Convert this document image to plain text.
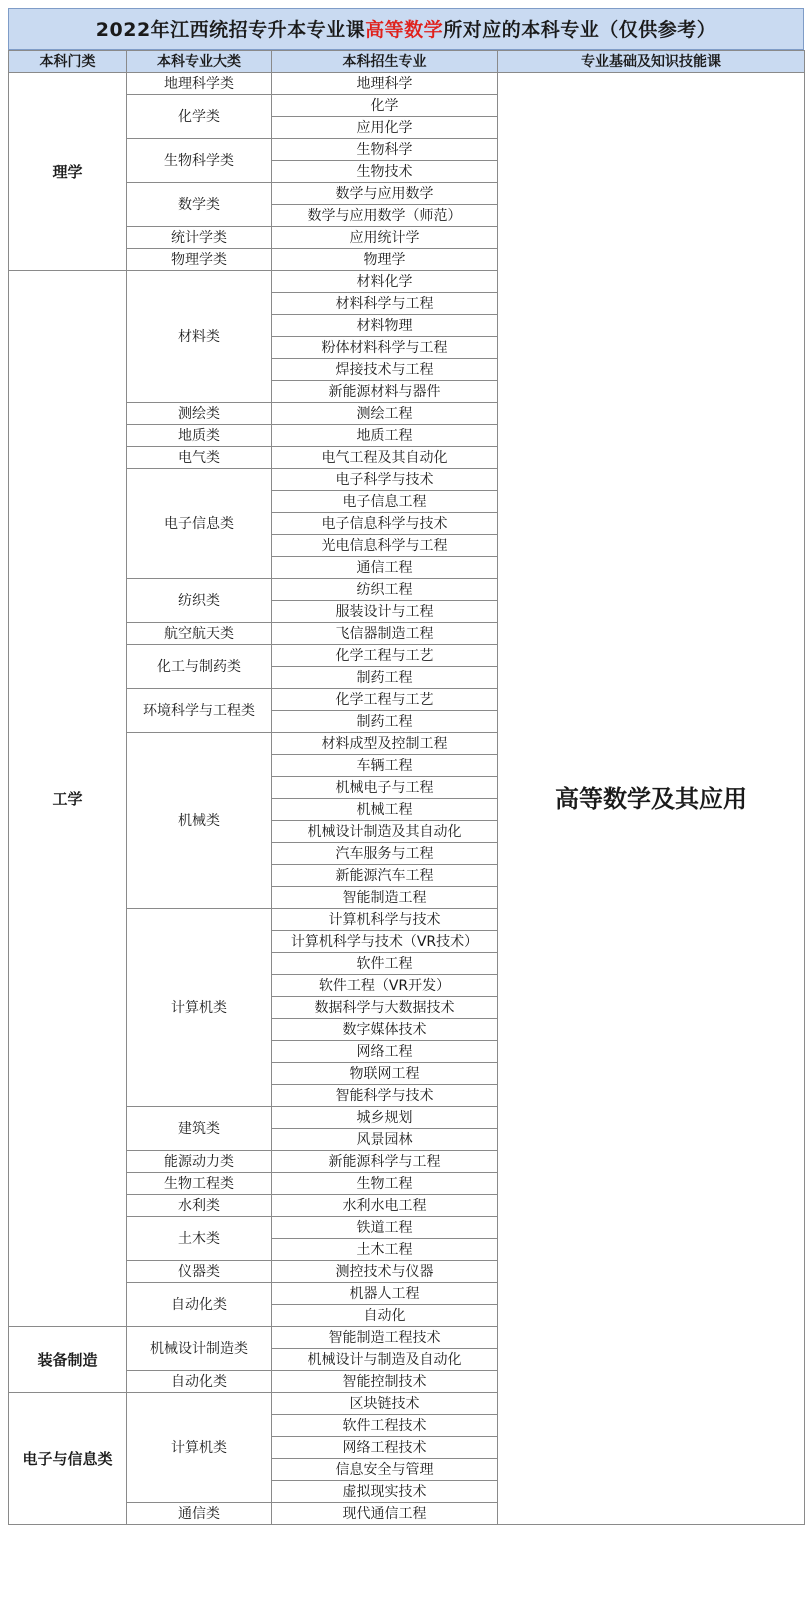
2022年江西统招专升本专业课高等数学所对应的本科专业（仅供参考）
本科门类	本科专业大类	本科招生专业	专业基础及知识技能课
理学	地理科学类	地理科学	高等数学及其应用
	化学类	化学	
		应用化学	
	生物科学类	生物科学	
		生物技术	
	数学类	数学与应用数学	
		数学与应用数学（师范）	
	统计学类	应用统计学	
	物理学类	物理学	
工学	材料类	材料化学	
		材料科学与工程	
		材料物理	
		粉体材料科学与工程	
		焊接技术与工程	
		新能源材料与器件	
	测绘类	测绘工程	
	地质类	地质工程	
	电气类	电气工程及其自动化	
	电子信息类	电子科学与技术	
		电子信息工程	
		电子信息科学与技术	
		光电信息科学与工程	
		通信工程	
	纺织类	纺织工程	
		服装设计与工程	
	航空航天类	飞信器制造工程	
	化工与制药类	化学工程与工艺	
		制药工程	
	环境科学与工程类	化学工程与工艺	
		制药工程	
	机械类	材料成型及控制工程	
		车辆工程	
		机械电子与工程	
		机械工程	
		机械设计制造及其自动化	
		汽车服务与工程	
		新能源汽车工程	
		智能制造工程	
	计算机类	计算机科学与技术	
		计算机科学与技术（VR技术）	
		软件工程	
		软件工程（VR开发）	
		数据科学与大数据技术	
		数字媒体技术	
		网络工程	
		物联网工程	
		智能科学与技术	
	建筑类	城乡规划	
		风景园林	
	能源动力类	新能源科学与工程	
	生物工程类	生物工程	
	水利类	水利水电工程	
	土木类	铁道工程	
		土木工程	
	仪器类	测控技术与仪器	
	自动化类	机器人工程	
		自动化	
装备制造	机械设计制造类	智能制造工程技术	
		机械设计与制造及自动化	
	自动化类	智能控制技术	
电子与信息类	计算机类	区块链技术	
		软件工程技术	
		网络工程技术	
		信息安全与管理	
		虚拟现实技术	
	通信类	现代通信工程	
